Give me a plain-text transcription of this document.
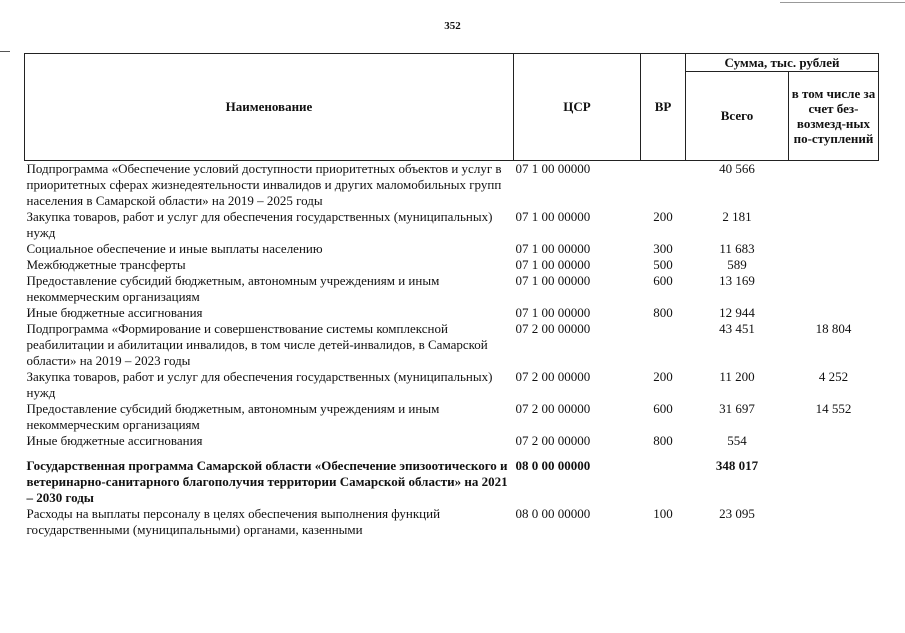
352
Наименование	ЦСР	ВР	Сумма, тыс. рублей	
			Всего	в том числе за счет без-возмезд-ных по-ступлений
Подпрограмма «Обеспечение условий доступности приоритетных объектов и услуг в приоритетных сферах жизнедеятельности инвалидов и других маломобильных групп населения в Самарской области» на 2019 – 2025 годы	07 1 00 00000		40 566	
Закупка товаров, работ и услуг для обеспечения государственных (муниципальных) нужд	07 1 00 00000	200	2 181	
Социальное обеспечение и иные выплаты населению	07 1 00 00000	300	11 683	
Межбюджетные трансферты	07 1 00 00000	500	589	
Предоставление субсидий бюджетным, автономным учреждениям и иным некоммерческим организациям	07 1 00 00000	600	13 169	
Иные бюджетные ассигнования	07 1 00 00000	800	12 944	
Подпрограмма «Формирование и совершенствование системы комплексной реабилитации и абилитации инвалидов, в том числе детей-инвалидов, в Самарской области» на 2019 – 2023 годы	07 2 00 00000		43 451	18 804
Закупка товаров, работ и услуг для обеспечения государственных (муниципальных) нужд	07 2 00 00000	200	11 200	4 252
Предоставление субсидий бюджетным, автономным учреждениям и иным некоммерческим организациям	07 2 00 00000	600	31 697	14 552
Иные бюджетные ассигнования	07 2 00 00000	800	554	
Государственная программа Самарской области «Обеспечение эпизоотического и ветеринарно-санитарного благополучия территории Самарской области» на 2021 – 2030 годы	08 0 00 00000		348 017	
Расходы на выплаты персоналу в целях обеспечения выполнения функций государственными (муниципальными) органами, казенными	08 0 00 00000	100	23 095	
